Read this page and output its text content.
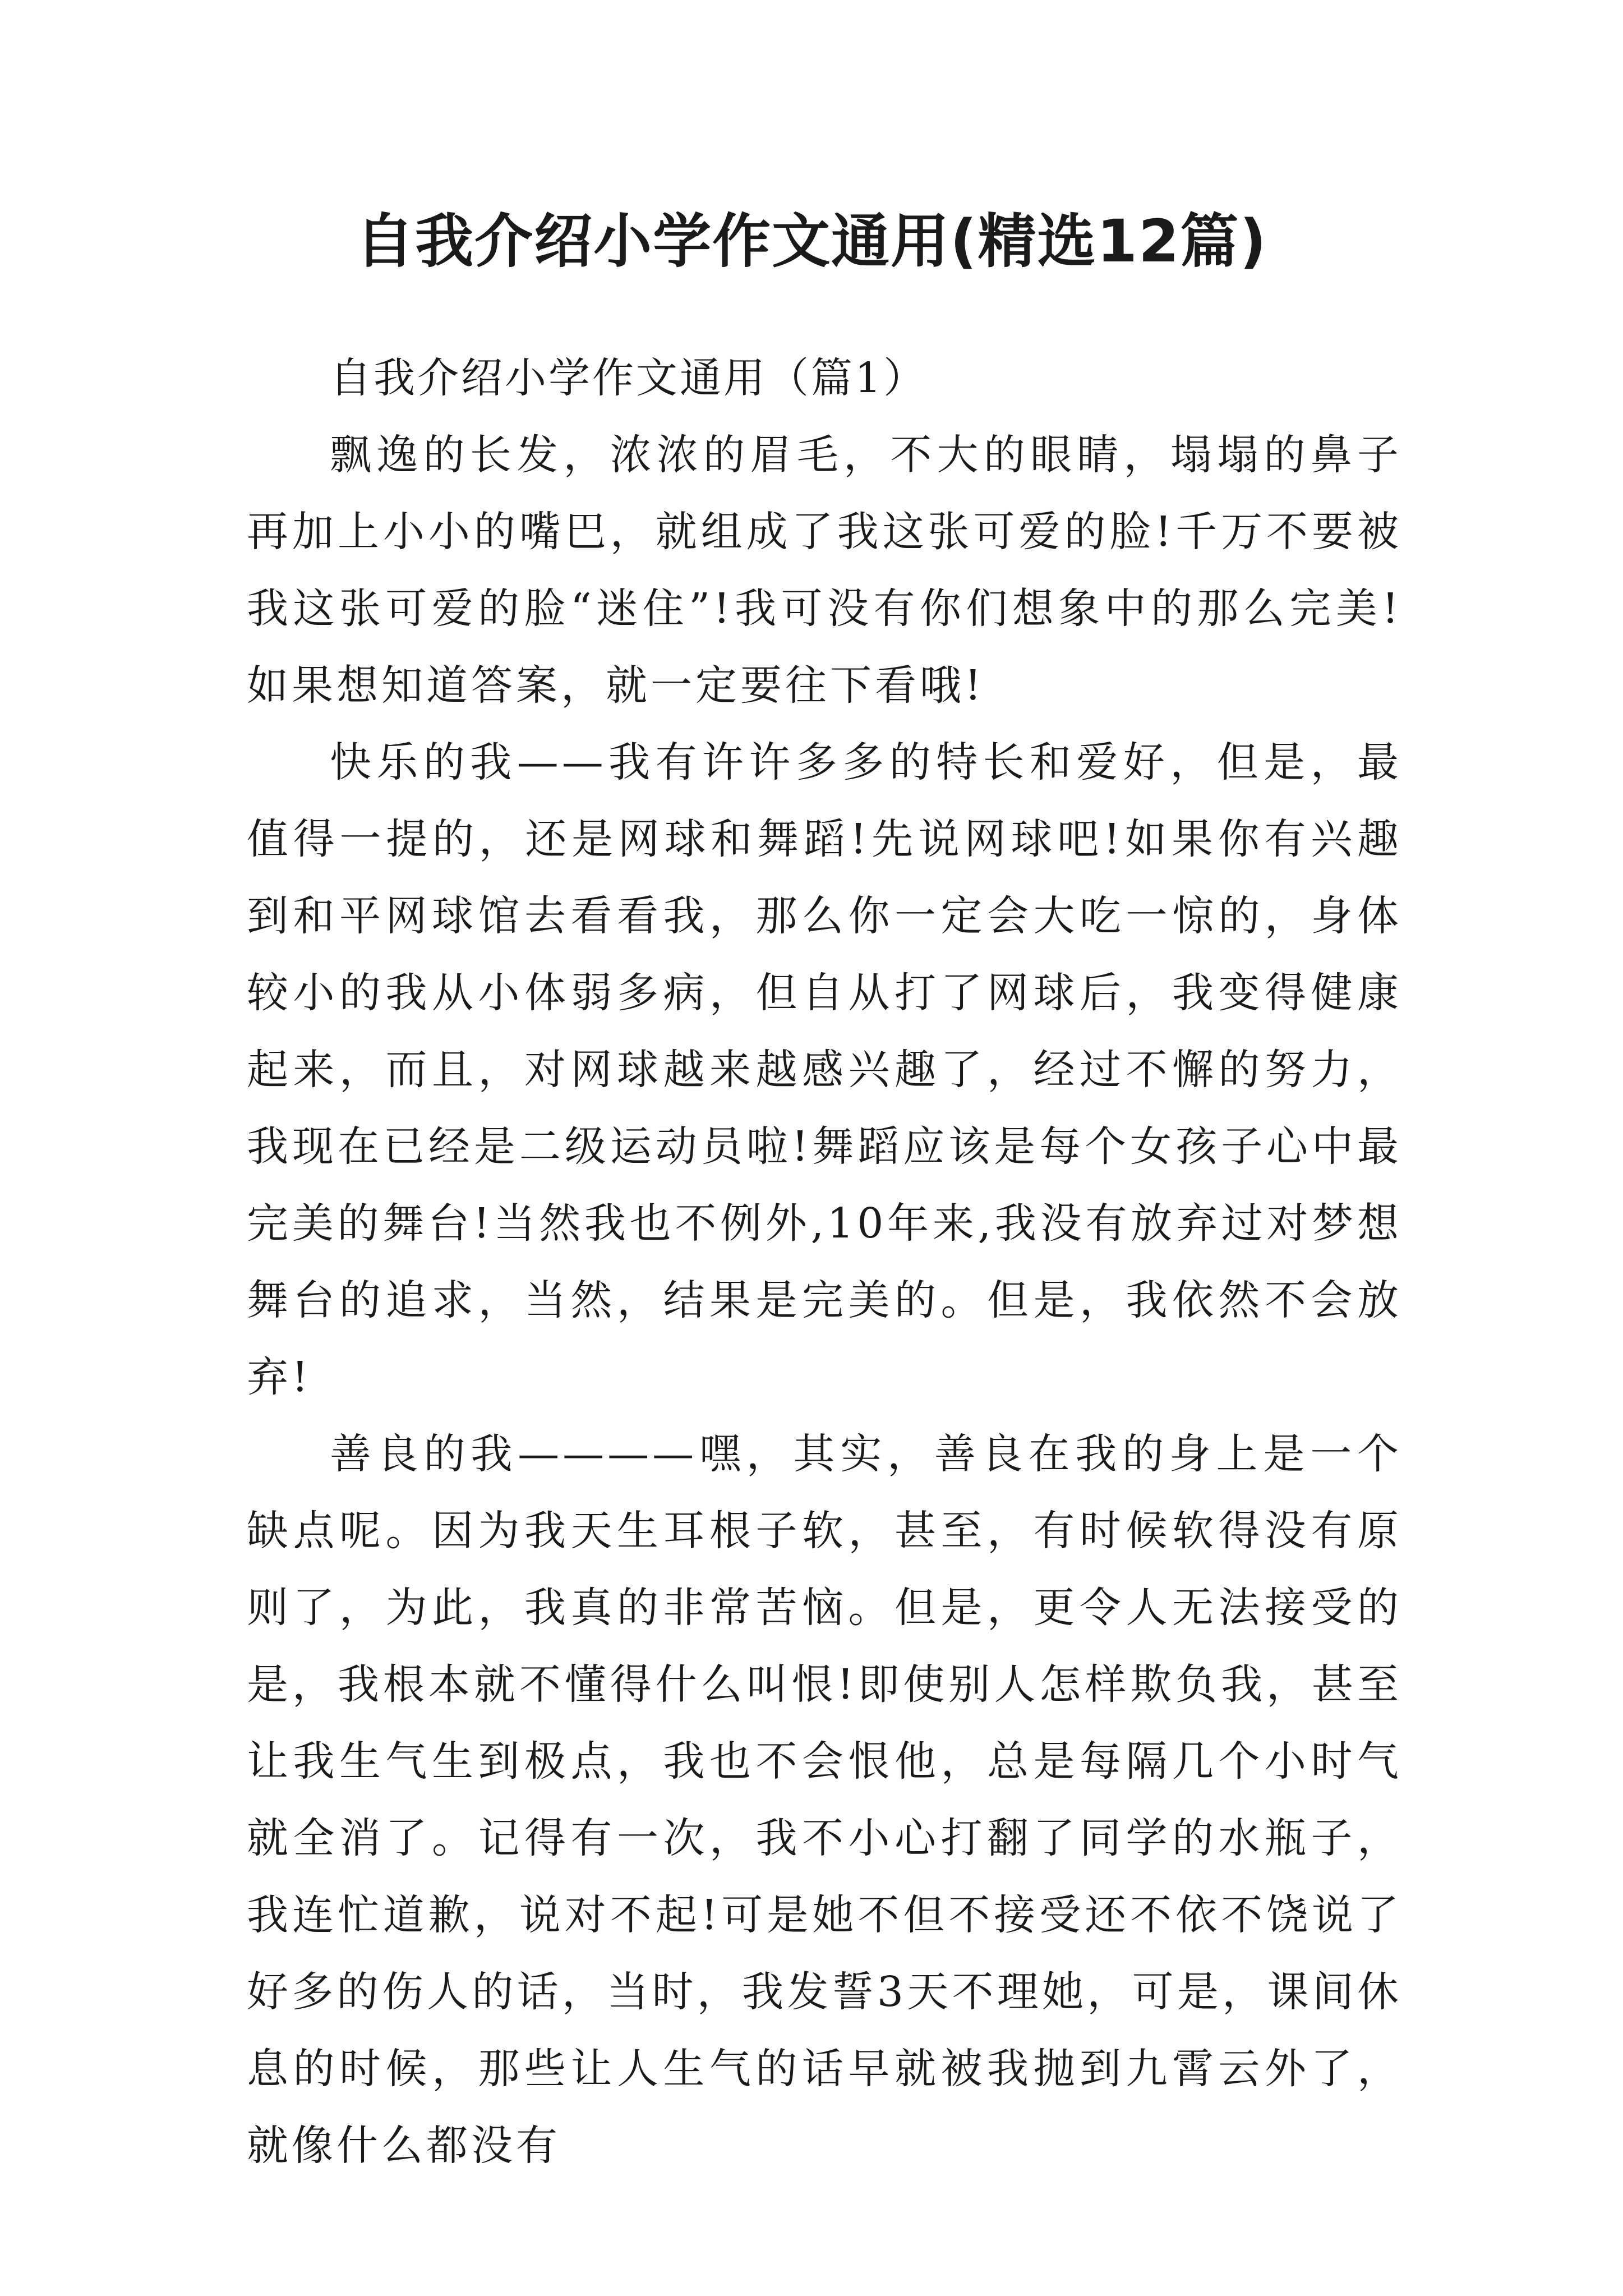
自我介绍小学作文通用(精选12篇)

自我介绍小学作文通用（篇1）

飘逸的长发，浓浓的眉毛，不大的眼睛，塌塌的鼻子再加上小小的嘴巴，就组成了我这张可爱的脸!千万不要被我这张可爱的脸“迷住”!我可没有你们想象中的那么完美!如果想知道答案，就一定要往下看哦!

快乐的我——我有许许多多的特长和爱好，但是，最值得一提的，还是网球和舞蹈!先说网球吧!如果你有兴趣到和平网球馆去看看我，那么你一定会大吃一惊的，身体较小的我从小体弱多病，但自从打了网球后，我变得健康起来，而且，对网球越来越感兴趣了，经过不懈的努力，我现在已经是二级运动员啦!舞蹈应该是每个女孩子心中最完美的舞台!当然我也不例外,10年来,我没有放弃过对梦想舞台的追求，当然，结果是完美的。但是，我依然不会放弃!

善良的我————嘿，其实，善良在我的身上是一个缺点呢。因为我天生耳根子软，甚至，有时候软得没有原则了，为此，我真的非常苦恼。但是，更令人无法接受的是，我根本就不懂得什么叫恨!即使别人怎样欺负我，甚至让我生气生到极点，我也不会恨他，总是每隔几个小时气就全消了。记得有一次，我不小心打翻了同学的水瓶子，我连忙道歉，说对不起!可是她不但不接受还不依不饶说了好多的伤人的话，当时，我发誓3天不理她，可是，课间休息的时候，那些让人生气的话早就被我抛到九霄云外了，就像什么都没有
